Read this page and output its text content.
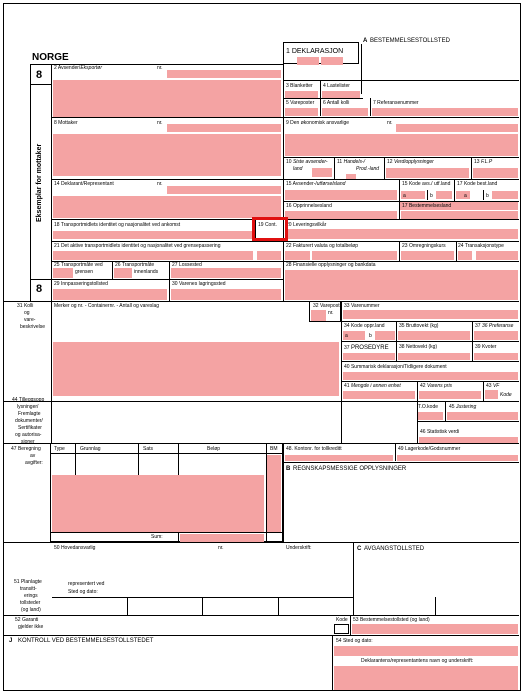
A BESTEMMELSESTOLLSTED
NORGE
1 DEKLARASJON
8
Eksemplar for mottaker
8
2 Avsender/Eksportør	nr.
3 Blanketter 4 Lastelister
5 Vareposter 6 Antall kolli	7 Referansenummer
8 Mottaker	nr.	9 Den økonomisk ansvarlige	nr.
10 Siste avsender-
land
11 Handels-/
Prod.-land
12 Verdiopplysninger	13 F.L.P
14 Deklarant/Representant	nr.	15 Avsender-/utførselsland	15 Kode avs./ utf.land 17 Kode best.land
a	b	a	b
16 Opprinnelsesland	17 Bestemmelsesland
18 Transportmidlets identitet og nasjonalitet ved ankomst	19 Cont. 20 Leveringsvilkår
21 Det aktive transportmidlets identitet og nasjonalitet ved grensepassering	22 Fakturert valuta og totalbeløp	23 Omregningskurs 24 Transaksjonstype
25 Transportmåte ved
grensen
26 Transportmåte
innenlands
27 Lossested	28 Finansielle opplysninger og bankdata
29 Innpasseringstollsted	30 Varenes lagringssted
31 Kolli
og
vare-
beskrivelse
Merker og nr. - Containernr. - Antall og vareslag	32 Varepost
nr.
33 Varenummer
34 Kode oppr.land
a	b
35 Bruttovekt (kg)	37 36 Preferanse
37 PROSEDYRE 38 Nettovekt (kg)	39 Kvoter
40 Summarisk deklarasjon/Tidligere dokument
41 Mengde i annen enhet	42 Varens pris	43 VF
Kode
44 Tilleggsopp
lysninger/
Fremlagte
dokumenter/
Sertifikater
og autorisa-
sjoner
T.O.kode 45 Justering
46 Statistisk verdi
47 Beregning
av
avgifter:
Type	Grunnlag	Sats	Beløp	BM
Sum:
48. Kontonr. for tollkreditt	49 Lagerkode/Godsnummer
B REGNSKAPSMESSIGE OPPLYSNINGER
50 Hovedansvarlig	nr.	Underskrift:	C AVGANGSTOLLSTED
representert ved
Sted og dato:
51 Planlagte
transitt-
erings
tollsteder
(og land)
52 Garanti
gjelder ikke
Kode 53 Bestemmelsestollsted (og land)
J KONTROLL VED BESTEMMELSESTOLLSTEDET	54 Sted og dato:
Deklarantens/representantens navn og underskrift:
